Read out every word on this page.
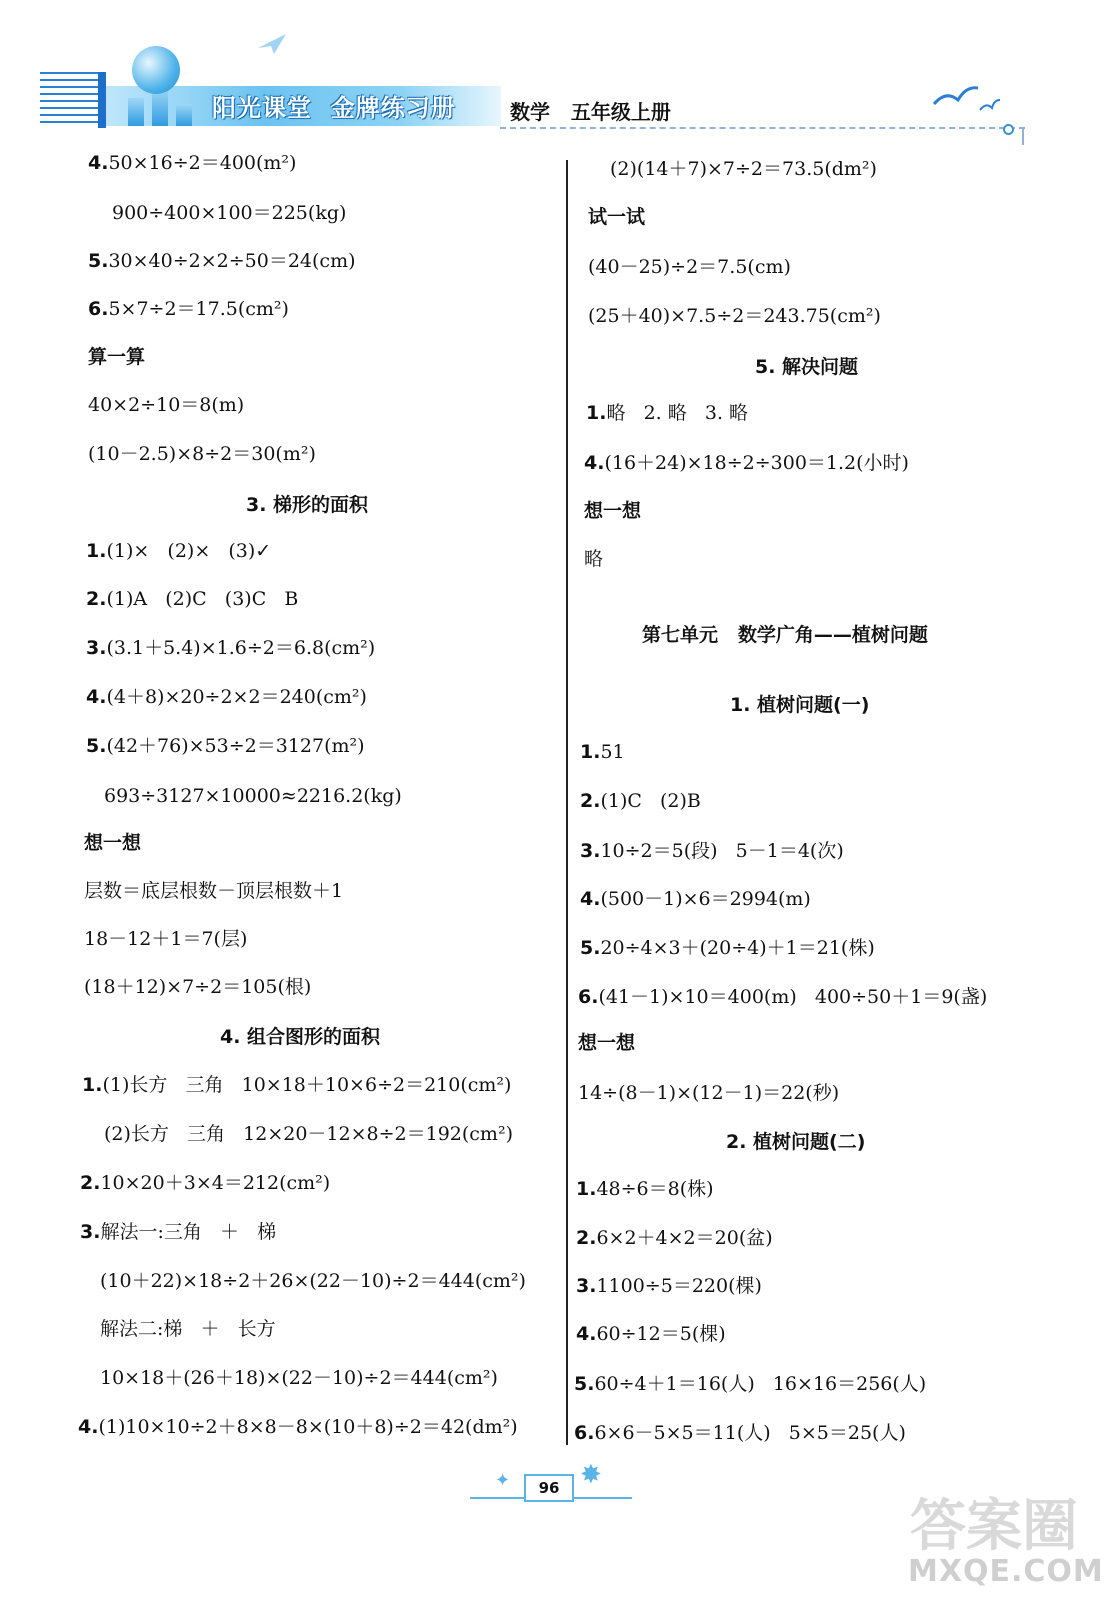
阳光课堂  金牌练习册	数学   五年级上册
4.50×16÷2＝400(m²)
900÷400×100＝225(kg)
5.30×40÷2×2÷50＝24(cm)
6.5×7÷2＝17.5(cm²)
算一算
40×2÷10＝8(m)
(10－2.5)×8÷2＝30(m²)
3. 梯形的面积
1.(1)×   (2)×   (3)✓
2.(1)A   (2)C   (3)C   B
3.(3.1＋5.4)×1.6÷2＝6.8(cm²)
4.(4＋8)×20÷2×2＝240(cm²)
5.(42＋76)×53÷2＝3127(m²)
693÷3127×10000≈2216.2(kg)
想一想
层数＝底层根数－顶层根数＋1
18－12＋1＝7(层)
(18＋12)×7÷2＝105(根)
4. 组合图形的面积
1.(1)长方   三角   10×18＋10×6÷2＝210(cm²)
(2)长方   三角   12×20－12×8÷2＝192(cm²)
2.10×20＋3×4＝212(cm²)
3.解法一:三角   ＋   梯
(10＋22)×18÷2＋26×(22－10)÷2＝444(cm²)
解法二:梯   ＋   长方
10×18＋(26＋18)×(22－10)÷2＝444(cm²)
4.(1)10×10÷2＋8×8－8×(10＋8)÷2＝42(dm²)
(2)(14＋7)×7÷2＝73.5(dm²)
试一试
(40－25)÷2＝7.5(cm)
(25＋40)×7.5÷2＝243.75(cm²)
5. 解决问题
1.略   2. 略   3. 略
4.(16＋24)×18÷2÷300＝1.2(小时)
想一想
略
第七单元   数学广角——植树问题
1. 植树问题(一)
1.51
2.(1)C   (2)B
3.10÷2＝5(段)   5－1＝4(次)
4.(500－1)×6＝2994(m)
5.20÷4×3＋(20÷4)＋1＝21(株)
6.(41－1)×10＝400(m)   400÷50＋1＝9(盏)
想一想
14÷(8－1)×(12－1)＝22(秒)
2. 植树问题(二)
1.48÷6＝8(株)
2.6×2＋4×2＝20(盆)
3.1100÷5＝220(棵)
4.60÷12＝5(棵)
5.60÷4＋1＝16(人)   16×16＝256(人)
6.6×6－5×5＝11(人)   5×5＝25(人)
✦	96 ✸
答案圈
MXQE.COM
